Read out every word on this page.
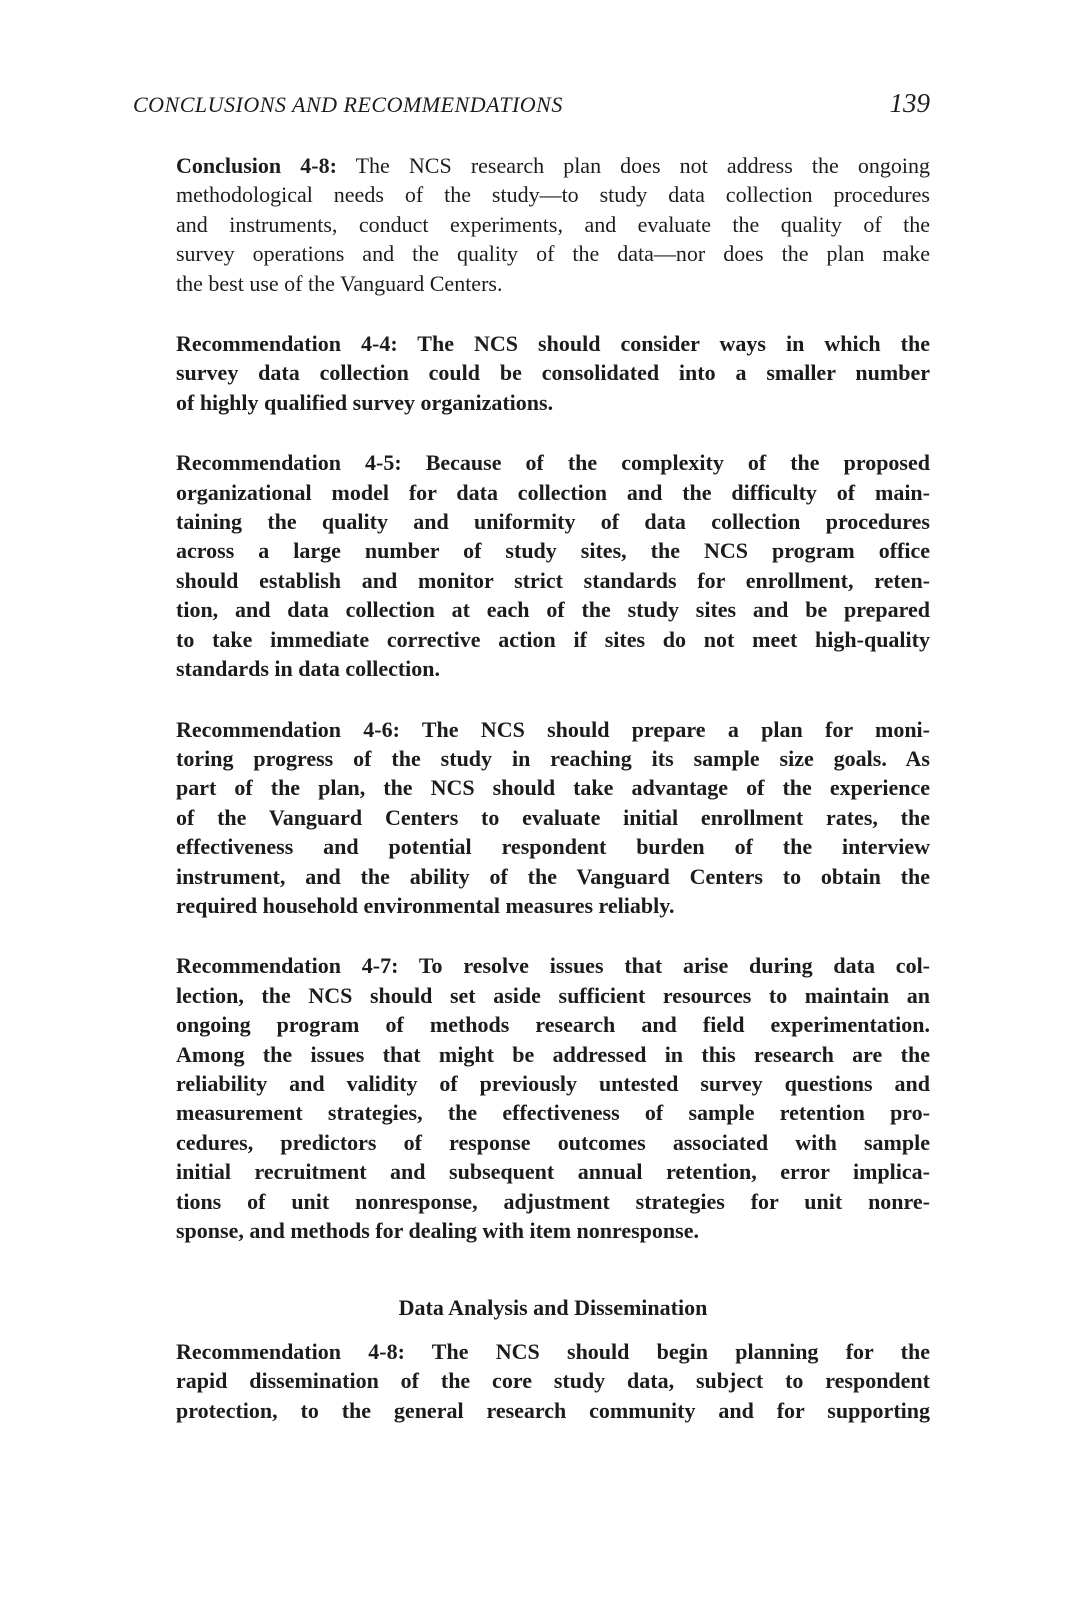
CONCLUSIONS AND RECOMMENDATIONS	139
Conclusion 4-8: The NCS research plan does not address the ongoing
methodological needs of the study—to study data collection procedures
and instruments, conduct experiments, and evaluate the quality of the
survey operations and the quality of the data—nor does the plan make
the best use of the Vanguard Centers.
Recommendation 4-4: The NCS should consider ways in which the
survey data collection could be consolidated into a smaller number
of highly qualified survey organizations.
Recommendation 4-5: Because of the complexity of the proposed
organizational model for data collection and the difficulty of main-
taining the quality and uniformity of data collection procedures
across a large number of study sites, the NCS program office
should establish and monitor strict standards for enrollment, reten-
tion, and data collection at each of the study sites and be prepared
to take immediate corrective action if sites do not meet high-quality
standards in data collection.
Recommendation 4-6: The NCS should prepare a plan for moni-
toring progress of the study in reaching its sample size goals. As
part of the plan, the NCS should take advantage of the experience
of the Vanguard Centers to evaluate initial enrollment rates, the
effectiveness and potential respondent burden of the interview
instrument, and the ability of the Vanguard Centers to obtain the
required household environmental measures reliably.
Recommendation 4-7: To resolve issues that arise during data col-
lection, the NCS should set aside sufficient resources to maintain an
ongoing program of methods research and field experimentation.
Among the issues that might be addressed in this research are the
reliability and validity of previously untested survey questions and
measurement strategies, the effectiveness of sample retention pro-
cedures, predictors of response outcomes associated with sample
initial recruitment and subsequent annual retention, error implica-
tions of unit nonresponse, adjustment strategies for unit nonre-
sponse, and methods for dealing with item nonresponse.
Data Analysis and Dissemination
Recommendation 4-8: The NCS should begin planning for the
rapid dissemination of the core study data, subject to respondent
protection, to the general research community and for supporting
